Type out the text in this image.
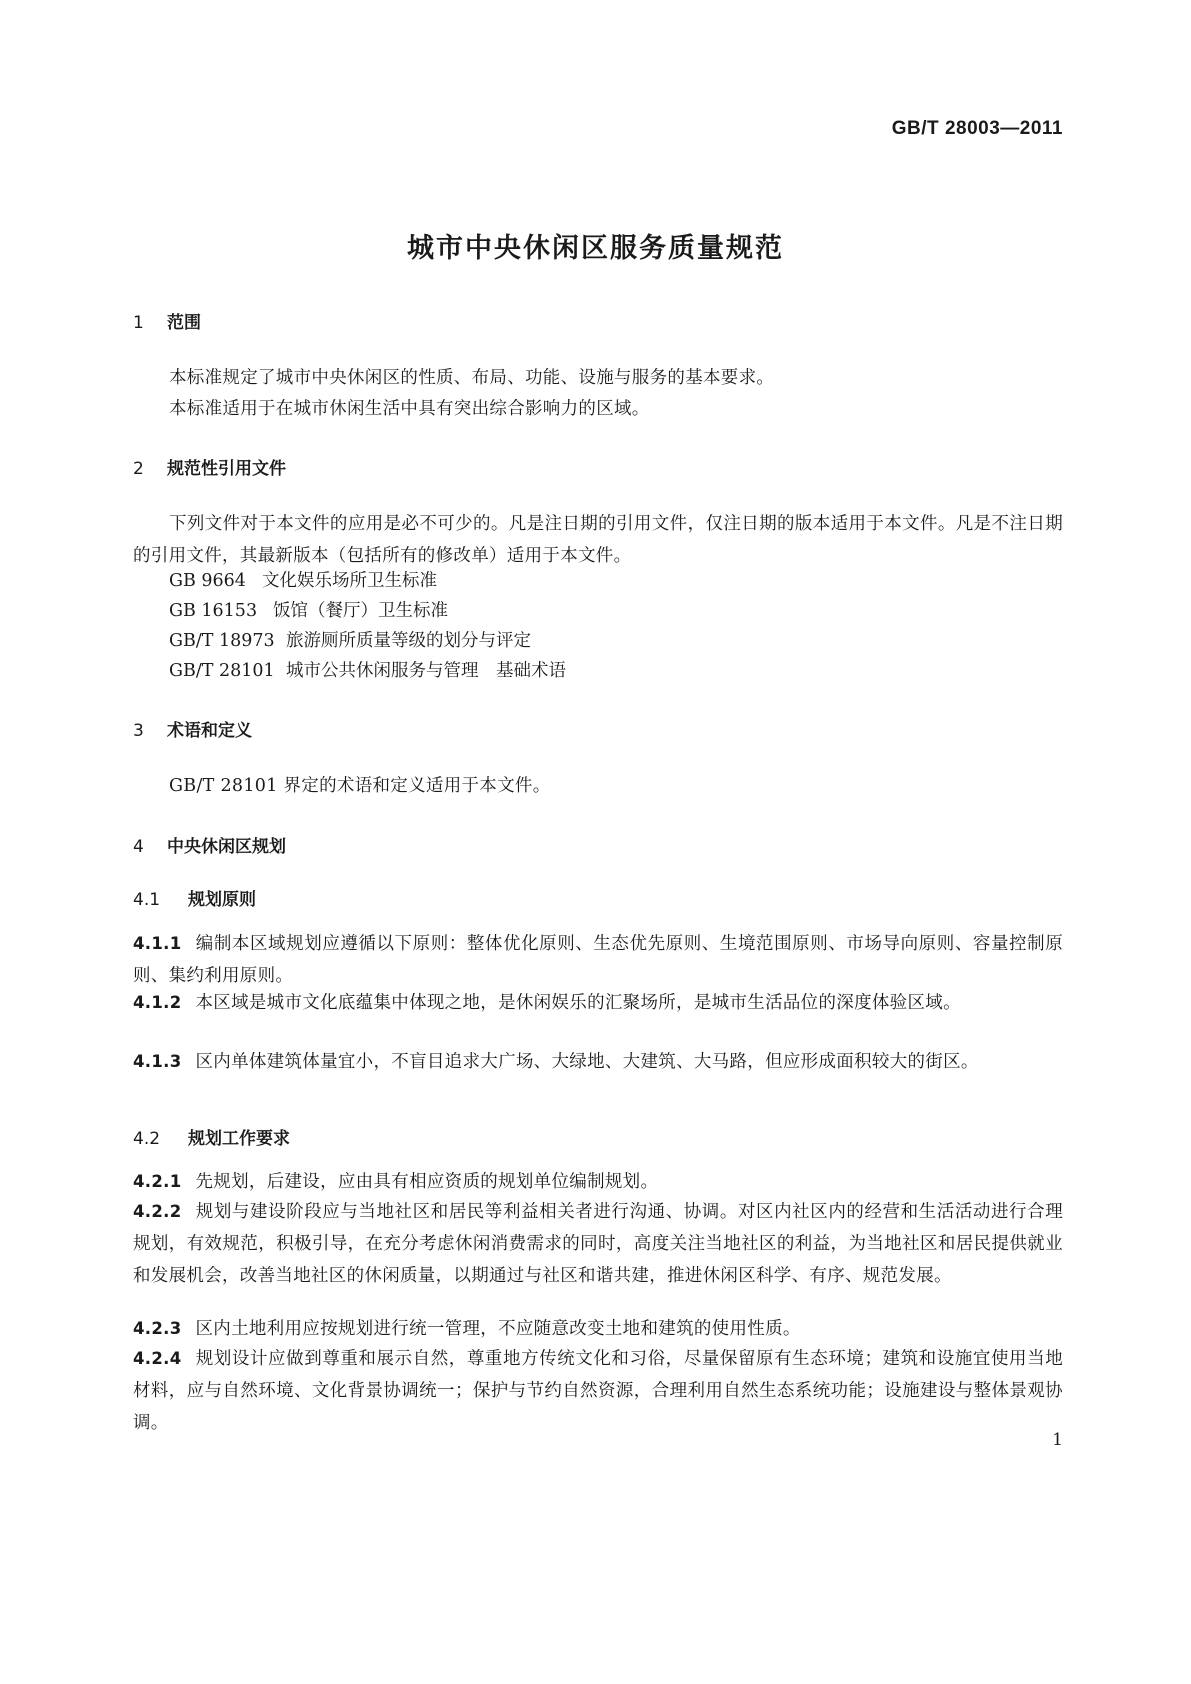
GB/T 28003—2011
城市中央休闲区服务质量规范
1 范围
本标准规定了城市中央休闲区的性质、布局、功能、设施与服务的基本要求。
本标准适用于在城市休闲生活中具有突出综合影响力的区域。
2 规范性引用文件
下列文件对于本文件的应用是必不可少的。凡是注日期的引用文件，仅注日期的版本适用于本文件。凡是不注日期的引用文件，其最新版本（包括所有的修改单）适用于本文件。
GB 9664 文化娱乐场所卫生标准
GB 16153 饭馆（餐厅）卫生标准
GB/T 18973 旅游厕所质量等级的划分与评定
GB/T 28101 城市公共休闲服务与管理　基础术语
3 术语和定义
GB/T 28101 界定的术语和定义适用于本文件。
4 中央休闲区规划
4.1 规划原则
4.1.1 编制本区域规划应遵循以下原则：整体优化原则、生态优先原则、生境范围原则、市场导向原则、容量控制原则、集约利用原则。
4.1.2 本区域是城市文化底蕴集中体现之地，是休闲娱乐的汇聚场所，是城市生活品位的深度体验区域。
4.1.3 区内单体建筑体量宜小，不盲目追求大广场、大绿地、大建筑、大马路，但应形成面积较大的街区。
4.2 规划工作要求
4.2.1 先规划，后建设，应由具有相应资质的规划单位编制规划。
4.2.2 规划与建设阶段应与当地社区和居民等利益相关者进行沟通、协调。对区内社区内的经营和生活活动进行合理规划，有效规范，积极引导，在充分考虑休闲消费需求的同时，高度关注当地社区的利益，为当地社区和居民提供就业和发展机会，改善当地社区的休闲质量，以期通过与社区和谐共建，推进休闲区科学、有序、规范发展。
4.2.3 区内土地利用应按规划进行统一管理，不应随意改变土地和建筑的使用性质。
4.2.4 规划设计应做到尊重和展示自然，尊重地方传统文化和习俗，尽量保留原有生态环境；建筑和设施宜使用当地材料，应与自然环境、文化背景协调统一；保护与节约自然资源，合理利用自然生态系统功能；设施建设与整体景观协调。
1
